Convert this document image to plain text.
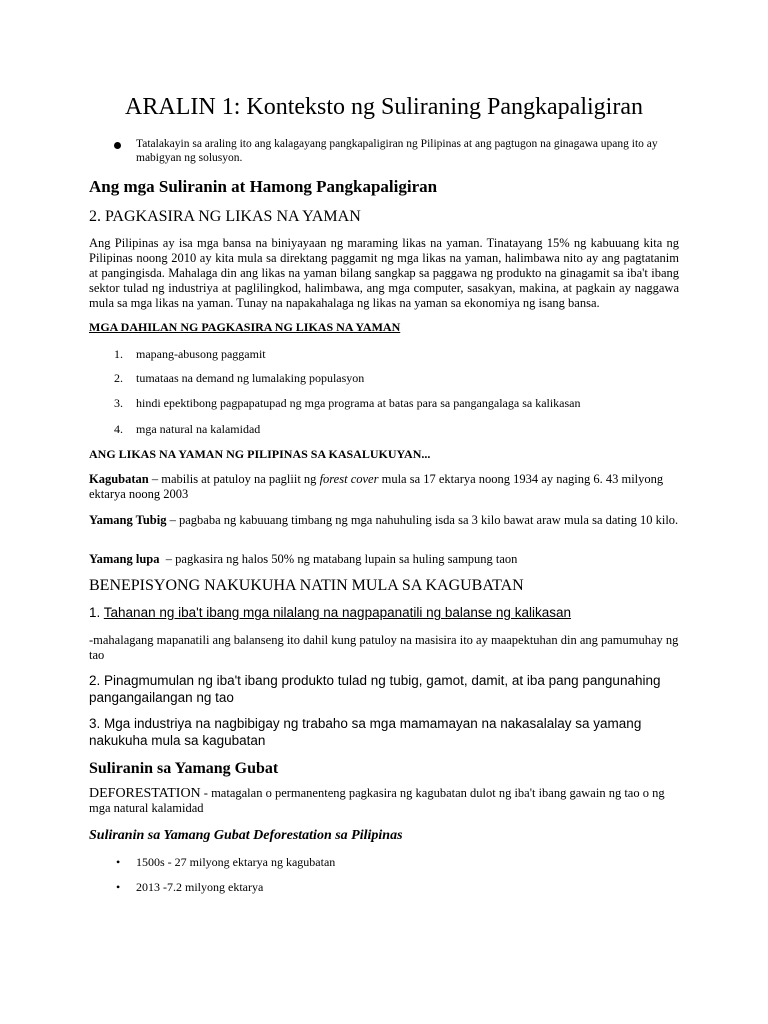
ARALIN 1: Konteksto ng Suliraning Pangkapaligiran
Tatalakayin sa araling ito ang kalagayang pangkapaligiran ng Pilipinas at ang pagtugon na ginagawa upang ito ay mabigyan ng solusyon.

Ang mga Suliranin at Hamong Pangkapaligiran

2. PAGKASIRA NG LIKAS NA YAMAN

Ang Pilipinas ay isa mga bansa na biniyayaan ng maraming likas na yaman. Tinatayang 15% ng kabuuang kita ng Pilipinas noong 2010 ay kita mula sa direktang paggamit ng mga likas na yaman, halimbawa nito ay ang pagtatanim at pangingisda. Mahalaga din ang likas na yaman bilang sangkap sa paggawa ng produkto na ginagamit sa iba't ibang sektor tulad ng industriya at paglilingkod, halimbawa, ang mga computer, sasakyan, makina, at pagkain ay naggawa mula sa mga likas na yaman. Tunay na napakahalaga ng likas na yaman sa ekonomiya ng isang bansa.

MGA DAHILAN NG PAGKASIRA NG LIKAS NA YAMAN

1. mapang-abusong paggamit
2. tumataas na demand ng lumalaking populasyon
3. hindi epektibong pagpapatupad ng mga programa at batas para sa pangangalaga sa kalikasan
4. mga natural na kalamidad

ANG LIKAS NA YAMAN NG PILIPINAS SA KASALUKUYAN...

Kagubatan – mabilis at patuloy na pagliit ng forest cover mula sa 17 ektarya noong 1934 ay naging 6. 43 milyong ektarya noong 2003

Yamang Tubig – pagbaba ng kabuuang timbang ng mga nahuhuling isda sa 3 kilo bawat araw mula sa dating 10 kilo.

Yamang lupa  – pagkasira ng halos 50% ng matabang lupain sa huling sampung taon

BENEPISYONG NAKUKUHA NATIN MULA SA KAGUBATAN

1. Tahanan ng iba't ibang mga nilalang na nagpapanatili ng balanse ng kalikasan

-mahalagang mapanatili ang balanseng ito dahil kung patuloy na masisira ito ay maapektuhan din ang pamumuhay ng tao

2. Pinagmumulan ng iba't ibang produkto tulad ng tubig, gamot, damit, at iba pang pangunahing pangangailangan ng tao

3. Mga industriya na nagbibigay ng trabaho sa mga mamamayan na nakasalalay sa yamang nakukuha mula sa kagubatan

Suliranin sa Yamang Gubat

DEFORESTATION - matagalan o permanenteng pagkasira ng kagubatan dulot ng iba't ibang gawain ng tao o ng mga natural kalamidad

Suliranin sa Yamang Gubat Deforestation sa Pilipinas

• 1500s - 27 milyong ektarya ng kagubatan
• 2013 -7.2 milyong ektarya
